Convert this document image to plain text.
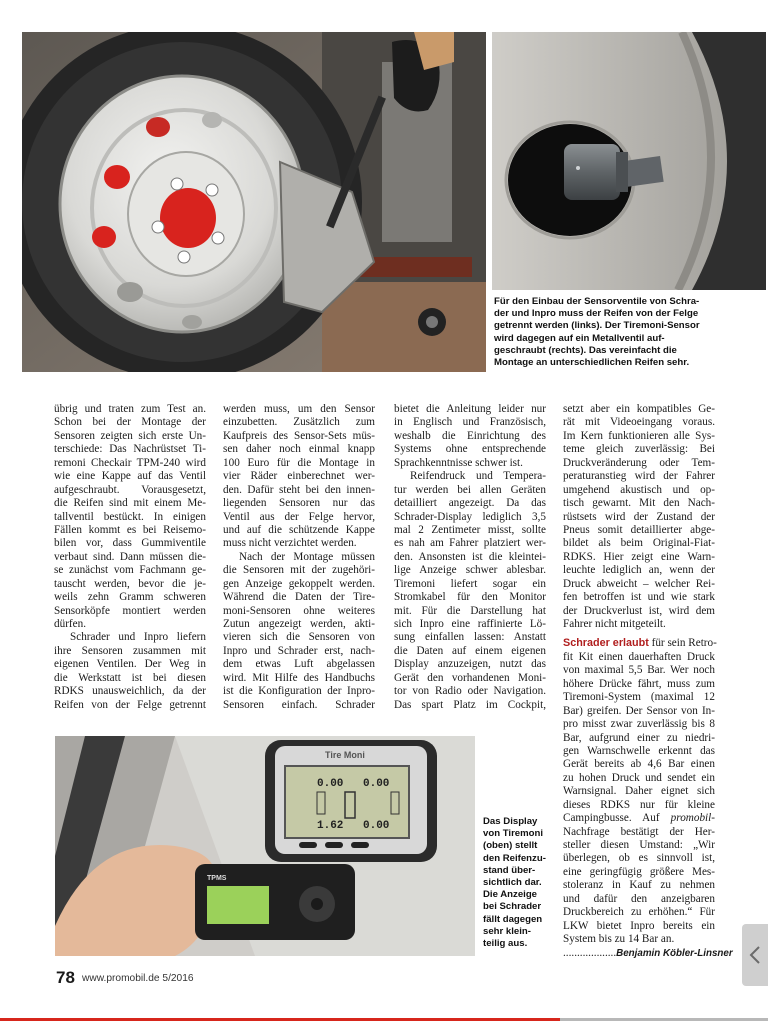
Für den Einbau der Sensorventile von Schra-

der und Inpro muss der Reifen von der Felge

getrennt werden (links). Der Tiremoni-Sensor

wird dagegen auf ein Metallventil auf-

geschraubt (rechts). Das vereinfacht die

Montage an unterschiedlichen Reifen sehr.

übrig und traten zum Test an.

Schon bei der Montage der

Sensoren zeigten sich erste Un-

terschiede: Das Nachrüstset Ti-

remoni Checkair TPM-240 wird

wie eine Kappe auf das Ventil

aufgeschraubt. Vorausgesetzt,

die Reifen sind mit einem Me-

tallventil bestückt. In einigen

Fällen kommt es bei Reisemo-

bilen vor, dass Gummiventile

verbaut sind. Dann müssen die-

se zunächst vom Fachmann ge-

tauscht werden, bevor die je-

weils zehn Gramm schweren

Sensorköpfe montiert werden

dürfen.

Schrader und Inpro liefern

ihre Sensoren zusammen mit

eigenen Ventilen. Der Weg in

die Werkstatt ist bei diesen

RDKS unausweichlich, da der

Reifen von der Felge getrennt

werden muss, um den Sensor

einzubetten. Zusätzlich zum

Kaufpreis des Sensor-Sets müs-

sen daher noch einmal knapp

100 Euro für die Montage in

vier Räder einberechnet wer-

den. Dafür steht bei den innen-

liegenden Sensoren nur das

Ventil aus der Felge hervor,

und auf die schützende Kappe

muss nicht verzichtet werden.

Nach der Montage müssen

die Sensoren mit der zugehöri-

gen Anzeige gekoppelt werden.

Während die Daten der Tire-

moni-Sensoren ohne weiteres

Zutun angezeigt werden, akti-

vieren sich die Sensoren von

Inpro und Schrader erst, nach-

dem etwas Luft abgelassen

wird. Mit Hilfe des Handbuchs

ist die Konfiguration der Inpro-

Sensoren einfach. Schrader

bietet die Anleitung leider nur

in Englisch und Französisch,

weshalb die Einrichtung des

Systems ohne entsprechende

Sprachkenntnisse schwer ist.

Reifendruck und Tempera-

tur werden bei allen Geräten

detailliert angezeigt. Da das

Schrader-Display lediglich 3,5

mal 2 Zentimeter misst, sollte

es nah am Fahrer platziert wer-

den. Ansonsten ist die kleintei-

lige Anzeige schwer ablesbar.

Tiremoni liefert sogar ein

Stromkabel für den Monitor

mit. Für die Darstellung hat

sich Inpro eine raffinierte Lö-

sung einfallen lassen: Anstatt

die Daten auf einem eigenen

Display anzuzeigen, nutzt das

Gerät den vorhandenen Moni-

tor von Radio oder Navigation.

Das spart Platz im Cockpit,

setzt aber ein kompatibles Ge-

rät mit Videoeingang voraus.

Im Kern funktionieren alle Sys-

teme gleich zuverlässig: Bei

Druckveränderung oder Tem-

peraturanstieg wird der Fahrer

umgehend akustisch und op-

tisch gewarnt. Mit den Nach-

rüstsets wird der Zustand der

Pneus somit detaillierter abge-

bildet als beim Original-Fiat-

RDKS. Hier zeigt eine Warn-

leuchte lediglich an, wenn der

Druck abweicht – welcher Rei-

fen betroffen ist und wie stark

der Druckverlust ist, wird dem

Fahrer nicht mitgeteilt.

Schrader erlaubt für sein Retro-

fit Kit einen dauerhaften Druck

von maximal 5,5 Bar. Wer noch

höhere Drücke fährt, muss zum

Tiremoni-System (maximal 12

Bar) greifen. Der Sensor von In-

pro misst zwar zuverlässig bis 8

Bar, aufgrund einer zu niedri-

gen Warnschwelle erkennt das

Gerät bereits ab 4,6 Bar einen

zu hohen Druck und sendet ein

Warnsignal. Daher eignet sich

dieses RDKS nur für kleine

Campingbusse. Auf promobil-

Nachfrage bestätigt der Her-

steller diesen Umstand: „Wir

überlegen, ob es sinnvoll ist,

eine geringfügig größere Mes-

stoleranz in Kauf zu nehmen

und dafür den anzeigbaren

Druckbereich zu erhöhen.“ Für

LKW bietet Inpro bereits ein

System bis zu 14 Bar an.

...................Benjamin Köbler-Linsner

Tire Moni
0.00 0.00
1.62 0.00
TPMS

Das Display

von Tiremoni

(oben) stellt

den Reifenzu-

stand über-

sichtlich dar.

Die Anzeige

bei Schrader

fällt dagegen

sehr klein-

teilig aus.

78 www.promobil.de 5/2016
